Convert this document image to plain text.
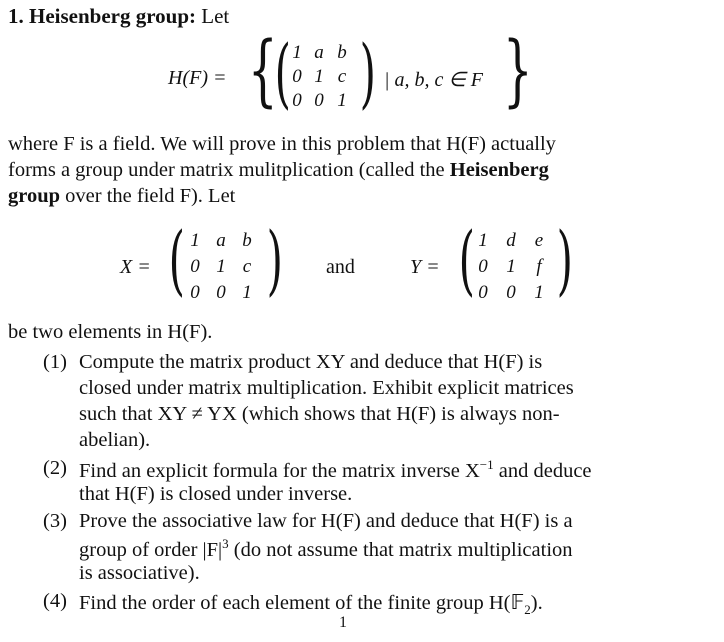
1. Heisenberg group: Let
H(F) = {
( 1 a b
0 1 c
0 0 1 ) | a, b, c ∈ F }
where F is a field. We will prove in this problem that H(F) actually
forms a group under matrix mulitplication (called the Heisenberg
group over the field F). Let
X = ( 1 a b
0 1 c
0 0 1 ) and	Y = ( 1 d e
0 1	f
0 0 1 )
be two elements in H(F).
(1) Compute the matrix product XY and deduce that H(F) is
closed under matrix multiplication. Exhibit explicit matrices
such that XY ≠ YX (which shows that H(F) is always non-
abelian).
(2) Find an explicit formula for the matrix inverse $X^{-1}$ and deduce
that H(F) is closed under inverse.
(3) Prove the associative law for H(F) and deduce that H(F) is a
group of order $|F|^3$ (do not assume that matrix multiplication
is associative).
(4) Find the order of each element of the finite group H(𝔽$_2$).
1
